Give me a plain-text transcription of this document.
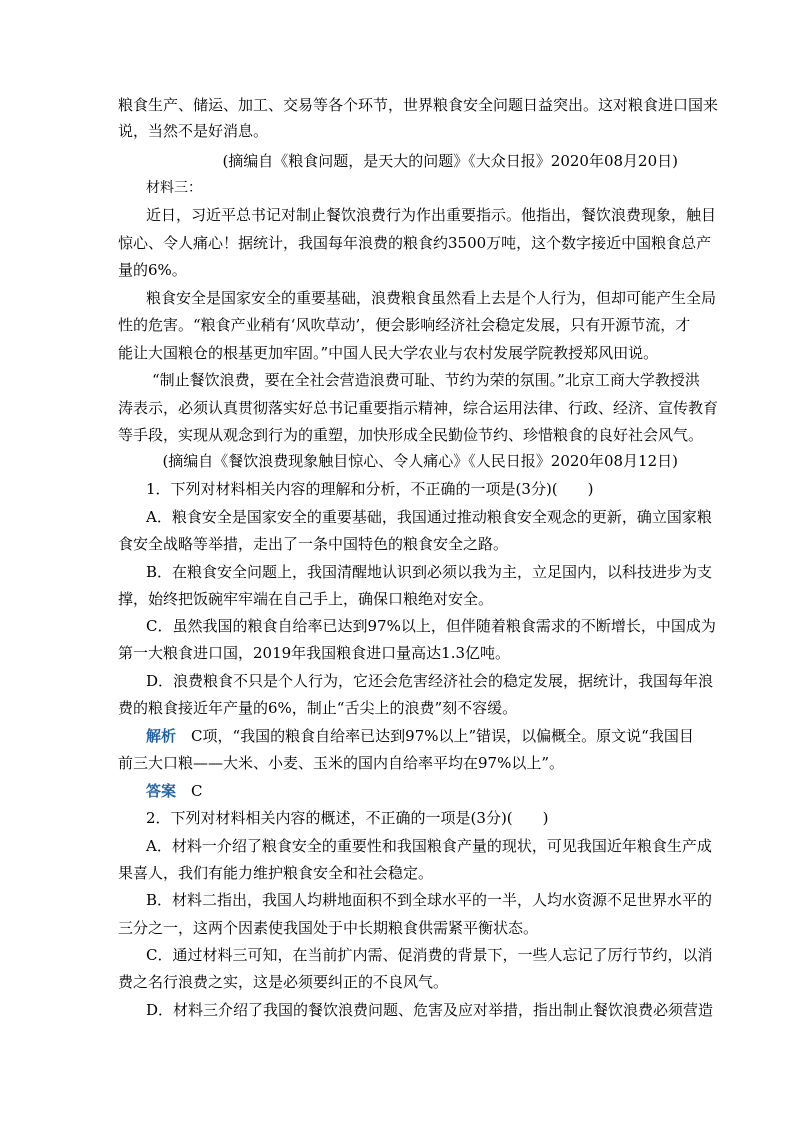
粮食生产、储运、加工、交易等各个环节，世界粮食安全问题日益突出。这对粮食进口国来
说，当然不是好消息。
(摘编自《粮食问题，是天大的问题》《大众日报》2020年08月20日)
材料三：
近日，习近平总书记对制止餐饮浪费行为作出重要指示。他指出，餐饮浪费现象，触目
惊心、令人痛心！据统计，我国每年浪费的粮食约3500万吨，这个数字接近中国粮食总产
量的6%。
粮食安全是国家安全的重要基础，浪费粮食虽然看上去是个人行为，但却可能产生全局
性的危害。“粮食产业稍有‘风吹草动’，便会影响经济社会稳定发展，只有开源节流，才
能让大国粮仓的根基更加牢固。”中国人民大学农业与农村发展学院教授郑风田说。
“制止餐饮浪费，要在全社会营造浪费可耻、节约为荣的氛围。”北京工商大学教授洪
涛表示，必须认真贯彻落实好总书记重要指示精神，综合运用法律、行政、经济、宣传教育
等手段，实现从观念到行为的重塑，加快形成全民勤俭节约、珍惜粮食的良好社会风气。
(摘编自《餐饮浪费现象触目惊心、令人痛心》《人民日报》2020年08月12日)
1．下列对材料相关内容的理解和分析，不正确的一项是(3分)(　　)
A．粮食安全是国家安全的重要基础，我国通过推动粮食安全观念的更新，确立国家粮
食安全战略等举措，走出了一条中国特色的粮食安全之路。
B．在粮食安全问题上，我国清醒地认识到必须以我为主，立足国内，以科技进步为支
撑，始终把饭碗牢牢端在自己手上，确保口粮绝对安全。
C．虽然我国的粮食自给率已达到97%以上，但伴随着粮食需求的不断增长，中国成为
第一大粮食进口国，2019年我国粮食进口量高达1.3亿吨。
D．浪费粮食不只是个人行为，它还会危害经济社会的稳定发展，据统计，我国每年浪
费的粮食接近年产量的6%，制止“舌尖上的浪费”刻不容缓。
解析　C项，“我国的粮食自给率已达到97%以上”错误，以偏概全。原文说“我国目
前三大口粮——大米、小麦、玉米的国内自给率平均在97%以上”。
答案　C
2．下列对材料相关内容的概述，不正确的一项是(3分)(　　)
A．材料一介绍了粮食安全的重要性和我国粮食产量的现状，可见我国近年粮食生产成
果喜人，我们有能力维护粮食安全和社会稳定。
B．材料二指出，我国人均耕地面积不到全球水平的一半，人均水资源不足世界水平的
三分之一，这两个因素使我国处于中长期粮食供需紧平衡状态。
C．通过材料三可知，在当前扩内需、促消费的背景下，一些人忘记了厉行节约，以消
费之名行浪费之实，这是必须要纠正的不良风气。
D．材料三介绍了我国的餐饮浪费问题、危害及应对举措，指出制止餐饮浪费必须营造
